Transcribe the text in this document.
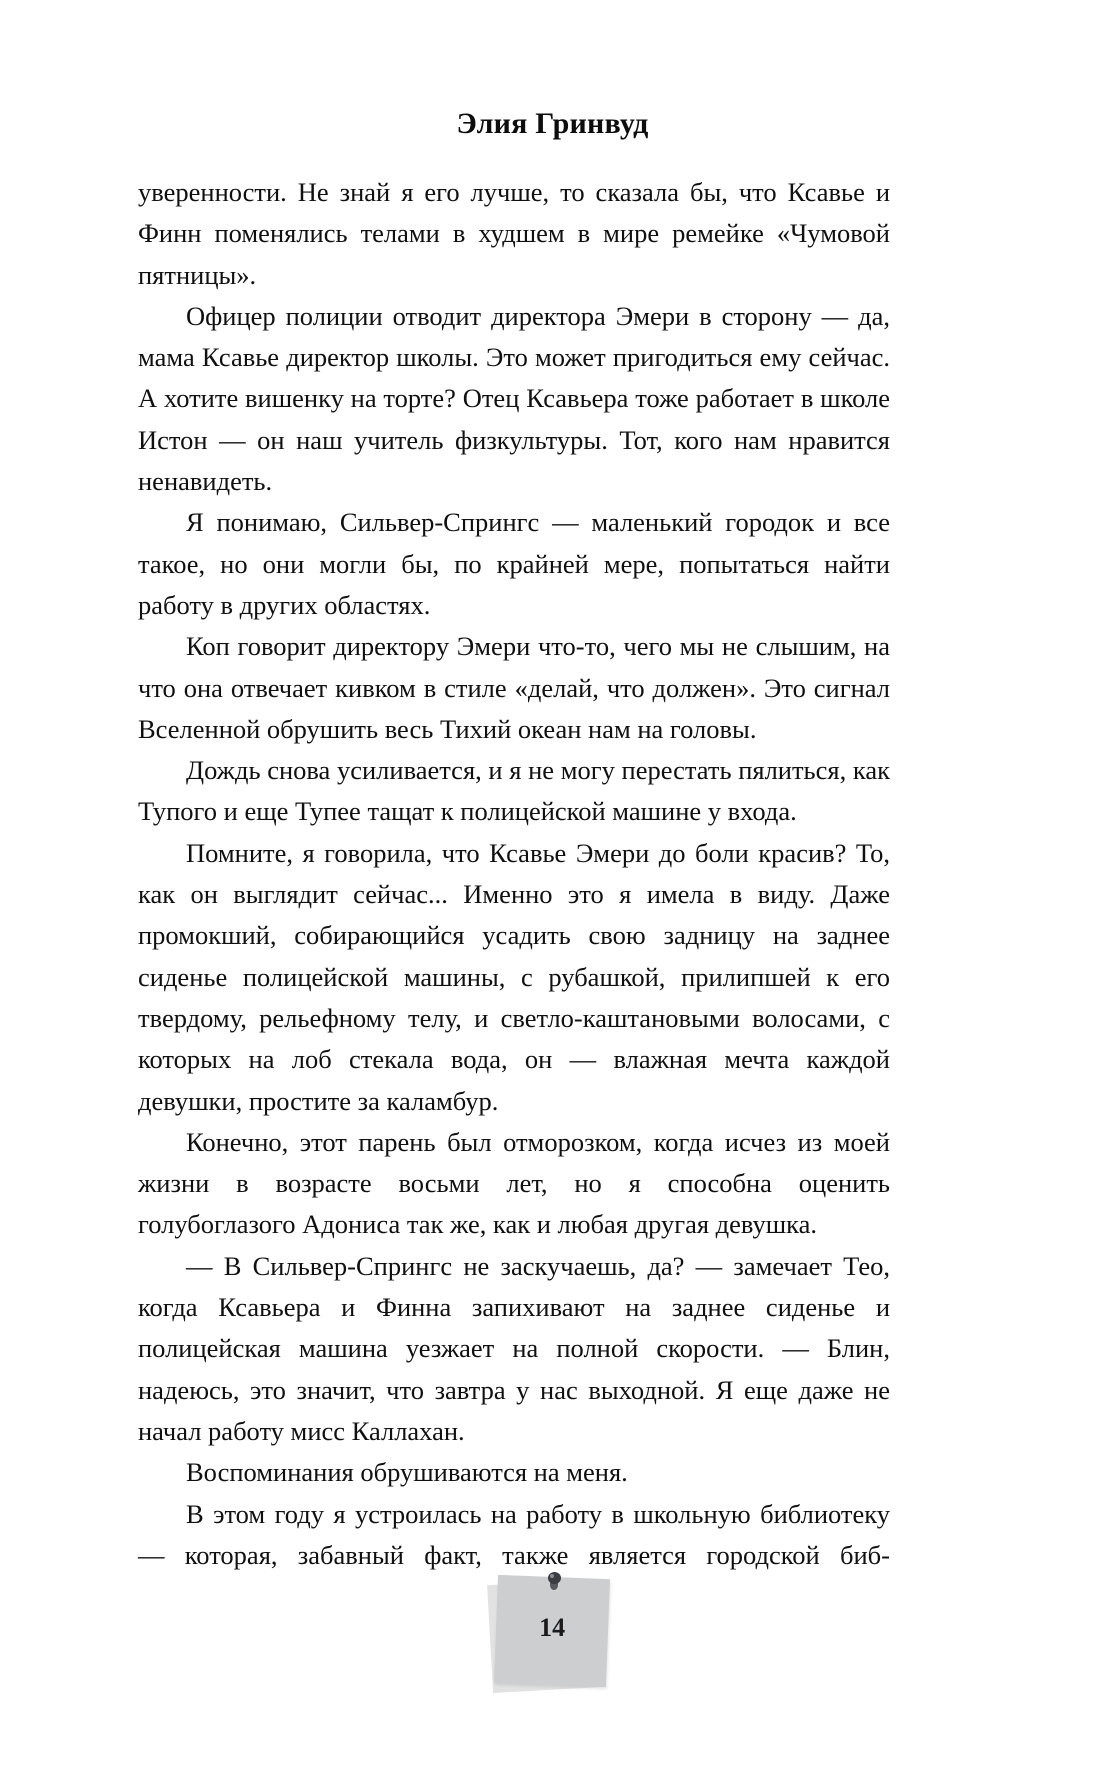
Элия Гринвуд

уверенности. Не знай я его лучше, то сказала бы, что Ксавье и Финн поменялись телами в худшем в мире ремейке «Чумовой пятницы».

Офицер полиции отводит директора Эмери в сторону — да, мама Ксавье директор школы. Это может пригодиться ему сейчас. А хотите вишенку на торте? Отец Ксавьера тоже работает в школе Истон — он наш учитель физкультуры. Тот, кого нам нравится ненавидеть.

Я понимаю, Сильвер-Спрингс — маленький городок и все такое, но они могли бы, по крайней мере, попытаться найти работу в других областях.

Коп говорит директору Эмери что-то, чего мы не слышим, на что она отвечает кивком в стиле «делай, что должен». Это сигнал Вселенной обрушить весь Тихий океан нам на головы.

Дождь снова усиливается, и я не могу перестать пялиться, как Тупого и еще Тупее тащат к полицейской машине у входа.

Помните, я говорила, что Ксавье Эмери до боли красив? То, как он выглядит сейчас... Именно это я имела в виду. Даже промокший, собирающийся усадить свою задницу на заднее сиденье полицейской машины, с рубашкой, прилипшей к его твердому, рельефному телу, и светло-каштановыми волосами, с которых на лоб стекала вода, он — влажная мечта каждой девушки, простите за каламбур.

Конечно, этот парень был отморозком, когда исчез из моей жизни в возрасте восьми лет, но я способна оценить голубоглазого Адониса так же, как и любая другая девушка.

— В Сильвер-Спрингс не заскучаешь, да? — замечает Тео, когда Ксавьера и Финна запихивают на заднее сиденье и полицейская машина уезжает на полной скорости. — Блин, надеюсь, это значит, что завтра у нас выходной. Я еще даже не начал работу мисс Каллахан.

Воспоминания обрушиваются на меня.

В этом году я устроилась на работу в школьную библиотеку — которая, забавный факт, также является городской биб-

14
